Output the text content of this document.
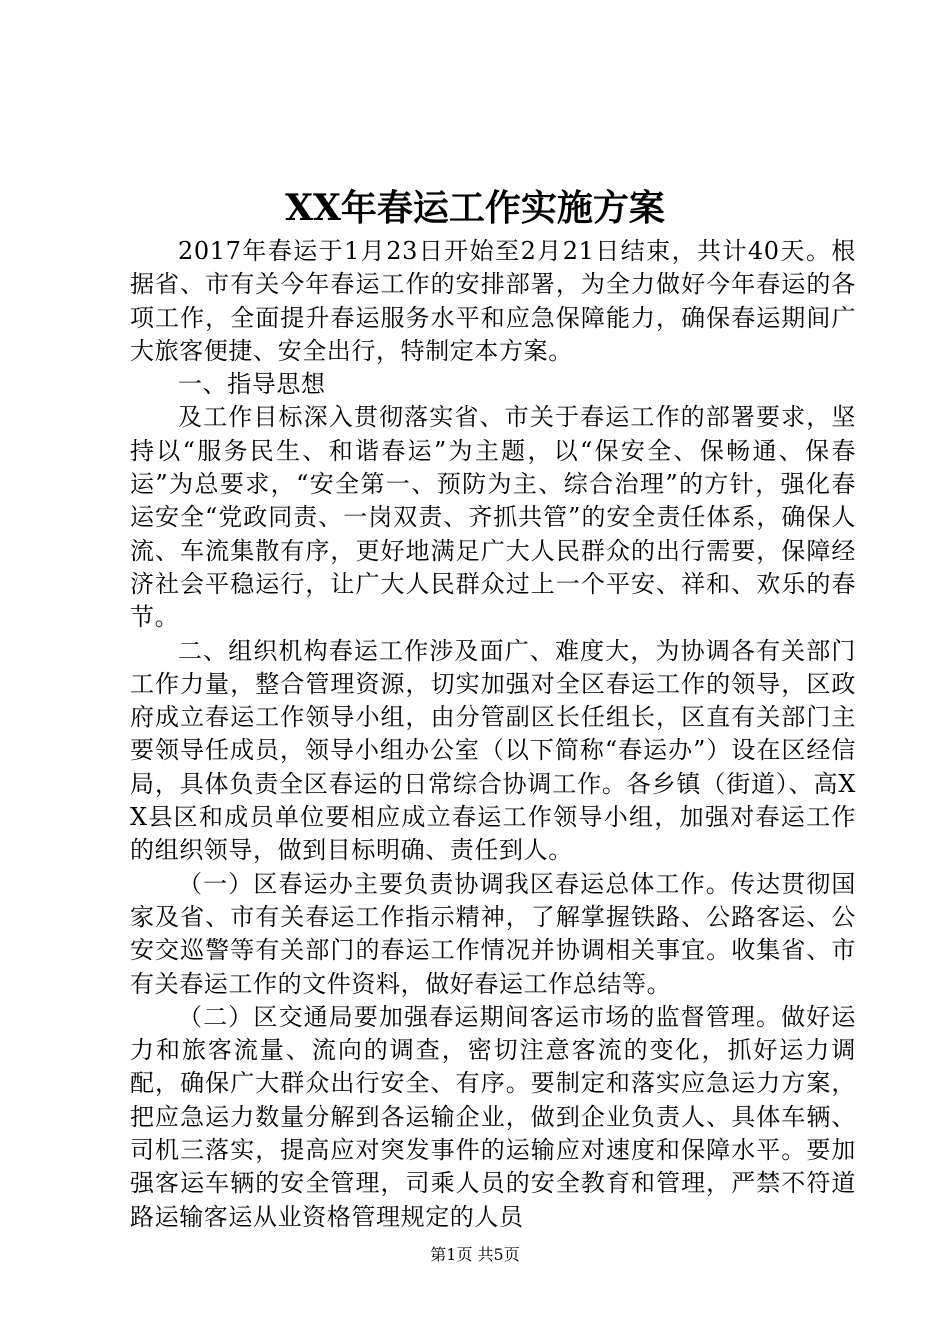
XX年春运工作实施方案

2017年春运于1月23日开始至2月21日结束，共计40天。根据省、市有关今年春运工作的安排部署，为全力做好今年春运的各项工作，全面提升春运服务水平和应急保障能力，确保春运期间广大旅客便捷、安全出行，特制定本方案。

一、指导思想

及工作目标深入贯彻落实省、市关于春运工作的部署要求，坚持以“服务民生、和谐春运”为主题，以“保安全、保畅通、保春运”为总要求，“安全第一、预防为主、综合治理”的方针，强化春运安全“党政同责、一岗双责、齐抓共管”的安全责任体系，确保人流、车流集散有序，更好地满足广大人民群众的出行需要，保障经济社会平稳运行，让广大人民群众过上一个平安、祥和、欢乐的春节。

二、组织机构春运工作涉及面广、难度大，为协调各有关部门工作力量，整合管理资源，切实加强对全区春运工作的领导，区政府成立春运工作领导小组，由分管副区长任组长，区直有关部门主要领导任成员，领导小组办公室（以下简称“春运办”）设在区经信局，具体负责全区春运的日常综合协调工作。各乡镇（街道）、高XX县区和成员单位要相应成立春运工作领导小组，加强对春运工作的组织领导，做到目标明确、责任到人。

（一）区春运办主要负责协调我区春运总体工作。传达贯彻国家及省、市有关春运工作指示精神，了解掌握铁路、公路客运、公安交巡警等有关部门的春运工作情况并协调相关事宜。收集省、市有关春运工作的文件资料，做好春运工作总结等。

（二）区交通局要加强春运期间客运市场的监督管理。做好运力和旅客流量、流向的调查，密切注意客流的变化，抓好运力调配，确保广大群众出行安全、有序。要制定和落实应急运力方案，把应急运力数量分解到各运输企业，做到企业负责人、具体车辆、司机三落实，提高应对突发事件的运输应对速度和保障水平。要加强客运车辆的安全管理，司乘人员的安全教育和管理，严禁不符道路运输客运从业资格管理规定的人员

第1页 共5页
